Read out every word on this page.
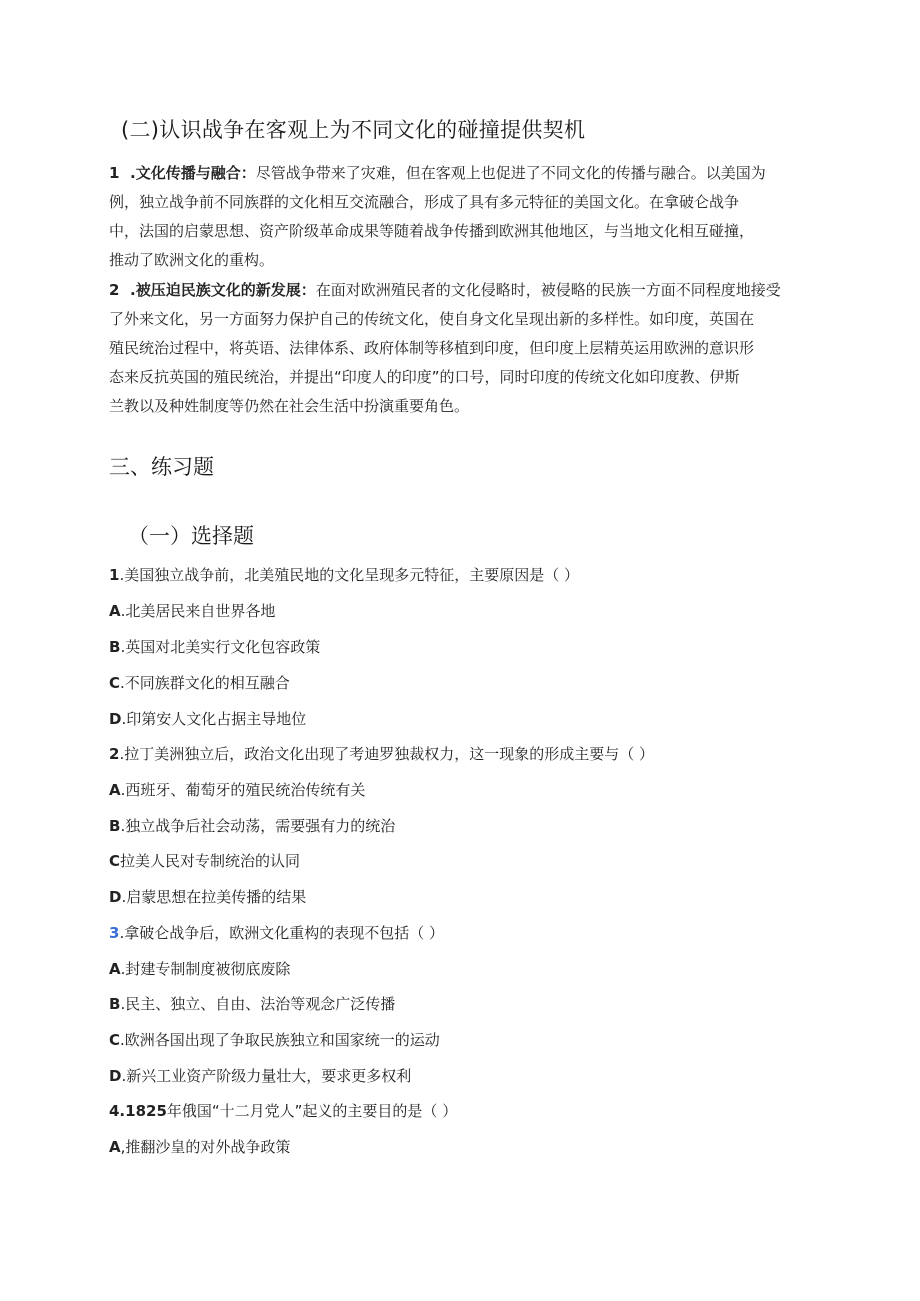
(二)认识战争在客观上为不同文化的碰撞提供契机
1 .文化传播与融合：尽管战争带来了灾难，但在客观上也促进了不同文化的传播与融合。以美国为
例，独立战争前不同族群的文化相互交流融合，形成了具有多元特征的美国文化。在拿破仑战争
中，法国的启蒙思想、资产阶级革命成果等随着战争传播到欧洲其他地区，与当地文化相互碰撞，
推动了欧洲文化的重构。
2 .被压迫民族文化的新发展：在面对欧洲殖民者的文化侵略时，被侵略的民族一方面不同程度地接受
了外来文化，另一方面努力保护自己的传统文化，使自身文化呈现出新的多样性。如印度，英国在
殖民统治过程中，将英语、法律体系、政府体制等移植到印度，但印度上层精英运用欧洲的意识形
态来反抗英国的殖民统治，并提出“印度人的印度”的口号，同时印度的传统文化如印度教、伊斯
兰教以及种姓制度等仍然在社会生活中扮演重要角色。
三、练习题
（一）选择题
1.美国独立战争前，北美殖民地的文化呈现多元特征，主要原因是（ ）
A.北美居民来自世界各地
B.英国对北美实行文化包容政策
C.不同族群文化的相互融合
D.印第安人文化占据主导地位
2.拉丁美洲独立后，政治文化出现了考迪罗独裁权力，这一现象的形成主要与（ ）
A.西班牙、葡萄牙的殖民统治传统有关
B.独立战争后社会动荡，需要强有力的统治
C拉美人民对专制统治的认同
D.启蒙思想在拉美传播的结果
3.拿破仑战争后，欧洲文化重构的表现不包括（ ）
A.封建专制制度被彻底废除
B.民主、独立、自由、法治等观念广泛传播
C.欧洲各国出现了争取民族独立和国家统一的运动
D.新兴工业资产阶级力量壮大，要求更多权利
4.1825年俄国“十二月党人”起义的主要目的是（ ）
A,推翻沙皇的对外战争政策
